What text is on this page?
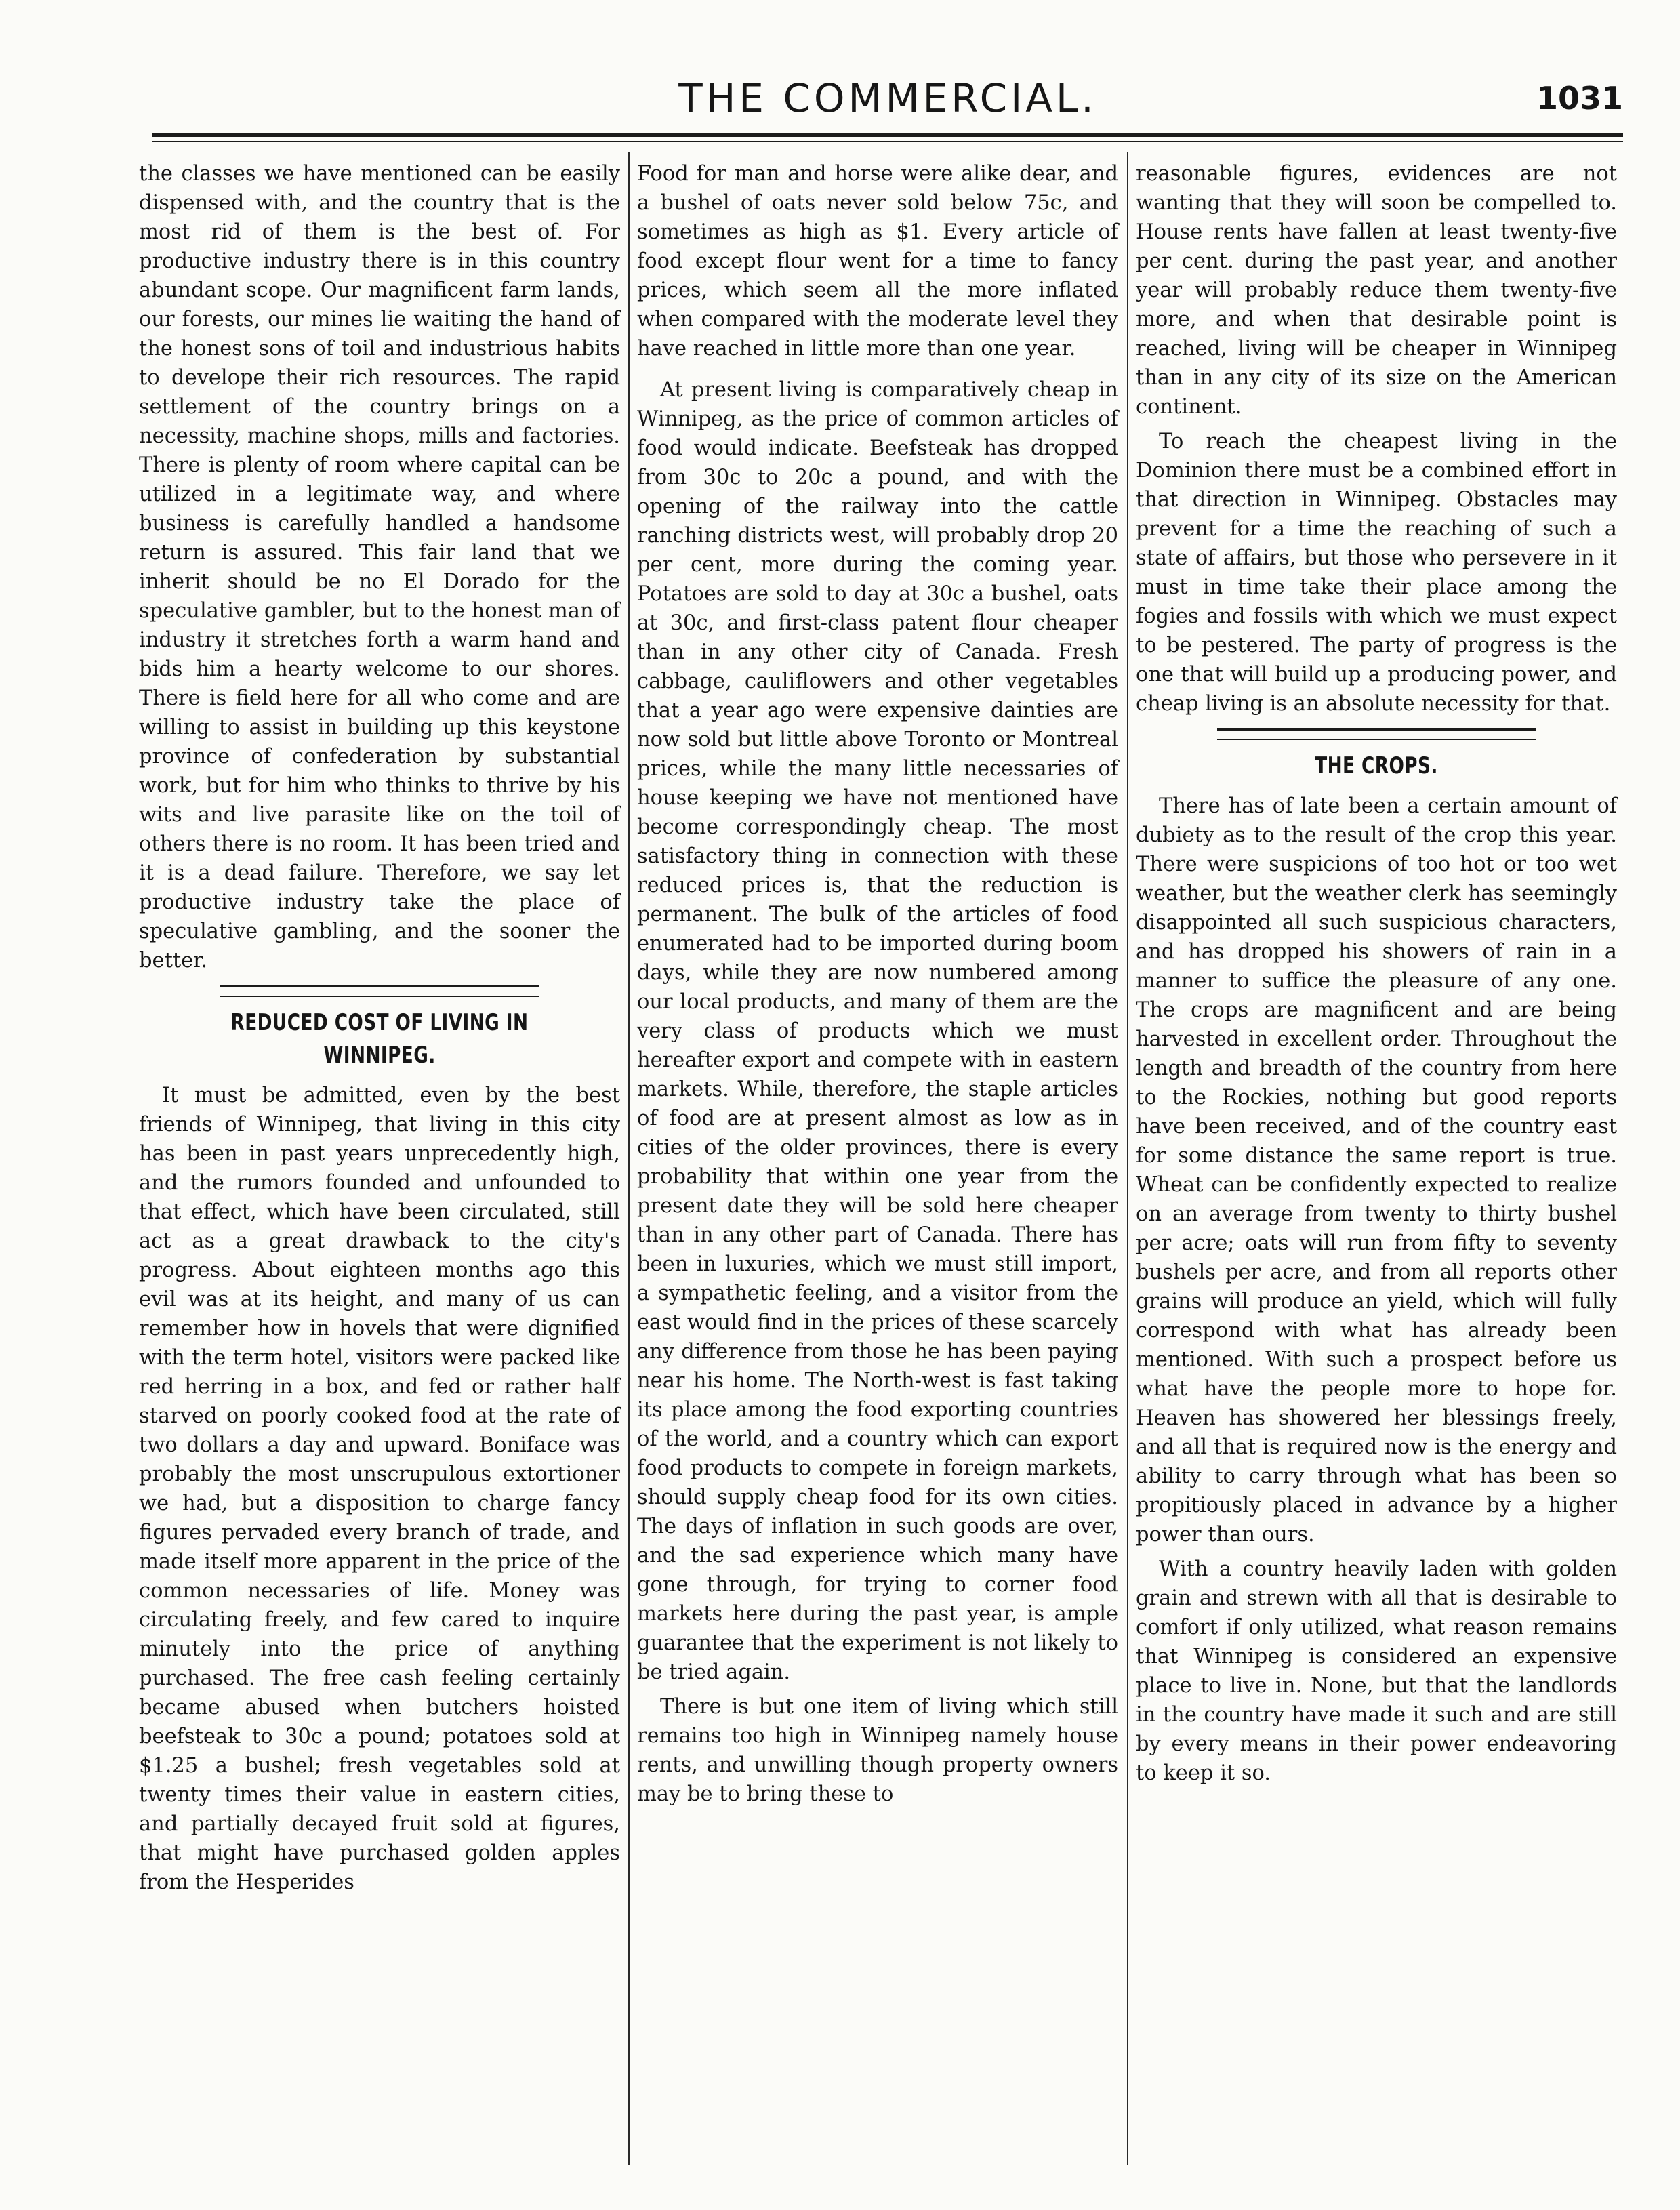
THE COMMERCIAL.	1031

the classes we have mentioned can be easily dispensed with, and the country that is the most rid of them is the best of. For productive industry there is in this country abundant scope. Our magnificent farm lands, our forests, our mines lie waiting the hand of the honest sons of toil and industrious habits to develope their rich resources. The rapid settlement of the country brings on a necessity, machine shops, mills and factories. There is plenty of room where capital can be utilized in a legitimate way, and where business is carefully handled a handsome return is assured. This fair land that we inherit should be no El Dorado for the speculative gambler, but to the honest man of industry it stretches forth a warm hand and bids him a hearty welcome to our shores. There is field here for all who come and are willing to assist in building up this keystone province of confederation by substantial work, but for him who thinks to thrive by his wits and live parasite like on the toil of others there is no room. It has been tried and it is a dead failure. Therefore, we say let productive industry take the place of speculative gambling, and the sooner the better.

REDUCED COST OF LIVING IN WINNIPEG.

It must be admitted, even by the best friends of Winnipeg, that living in this city has been in past years unprecedently high, and the rumors founded and unfounded to that effect, which have been circulated, still act as a great drawback to the city's progress. About eighteen months ago this evil was at its height, and many of us can remember how in hovels that were dignified with the term hotel, visitors were packed like red herring in a box, and fed or rather half starved on poorly cooked food at the rate of two dollars a day and upward. Boniface was probably the most unscrupulous extortioner we had, but a disposition to charge fancy figures pervaded every branch of trade, and made itself more apparent in the price of the common necessaries of life. Money was circulating freely, and few cared to inquire minutely into the price of anything purchased. The free cash feeling certainly became abused when butchers hoisted beefsteak to 30c a pound; potatoes sold at $1.25 a bushel; fresh vegetables sold at twenty times their value in eastern cities, and partially decayed fruit sold at figures, that might have purchased golden apples from the Hesperides

Food for man and horse were alike dear, and a bushel of oats never sold below 75c, and sometimes as high as $1. Every article of food except flour went for a time to fancy prices, which seem all the more inflated when compared with the moderate level they have reached in little more than one year.

At present living is comparatively cheap in Winnipeg, as the price of common articles of food would indicate. Beefsteak has dropped from 30c to 20c a pound, and with the opening of the railway into the cattle ranching districts west, will probably drop 20 per cent, more during the coming year. Potatoes are sold to day at 30c a bushel, oats at 30c, and first-class patent flour cheaper than in any other city of Canada. Fresh cabbage, cauliflowers and other vegetables that a year ago were expensive dainties are now sold but little above Toronto or Montreal prices, while the many little necessaries of house keeping we have not mentioned have become correspondingly cheap. The most satisfactory thing in connection with these reduced prices is, that the reduction is permanent. The bulk of the articles of food enumerated had to be imported during boom days, while they are now numbered among our local products, and many of them are the very class of products which we must hereafter export and compete with in eastern markets. While, therefore, the staple articles of food are at present almost as low as in cities of the older provinces, there is every probability that within one year from the present date they will be sold here cheaper than in any other part of Canada. There has been in luxuries, which we must still import, a sympathetic feeling, and a visitor from the east would find in the prices of these scarcely any difference from those he has been paying near his home. The North-west is fast taking its place among the food exporting countries of the world, and a country which can export food products to compete in foreign markets, should supply cheap food for its own cities. The days of inflation in such goods are over, and the sad experience which many have gone through, for trying to corner food markets here during the past year, is ample guarantee that the experiment is not likely to be tried again.

There is but one item of living which still remains too high in Winnipeg namely house rents, and unwilling though property owners may be to bring these to

reasonable figures, evidences are not wanting that they will soon be compelled to. House rents have fallen at least twenty-five per cent. during the past year, and another year will probably reduce them twenty-five more, and when that desirable point is reached, living will be cheaper in Winnipeg than in any city of its size on the American continent.

To reach the cheapest living in the Dominion there must be a combined effort in that direction in Winnipeg. Obstacles may prevent for a time the reaching of such a state of affairs, but those who persevere in it must in time take their place among the fogies and fossils with which we must expect to be pestered. The party of progress is the one that will build up a producing power, and cheap living is an absolute necessity for that.

THE CROPS.

There has of late been a certain amount of dubiety as to the result of the crop this year. There were suspicions of too hot or too wet weather, but the weather clerk has seemingly disappointed all such suspicious characters, and has dropped his showers of rain in a manner to suffice the pleasure of any one. The crops are magnificent and are being harvested in excellent order. Throughout the length and breadth of the country from here to the Rockies, nothing but good reports have been received, and of the country east for some distance the same report is true. Wheat can be confidently expected to realize on an average from twenty to thirty bushel per acre; oats will run from fifty to seventy bushels per acre, and from all reports other grains will produce an yield, which will fully correspond with what has already been mentioned. With such a prospect before us what have the people more to hope for. Heaven has showered her blessings freely, and all that is required now is the energy and ability to carry through what has been so propitiously placed in advance by a higher power than ours.

With a country heavily laden with golden grain and strewn with all that is desirable to comfort if only utilized, what reason remains that Winnipeg is considered an expensive place to live in. None, but that the landlords in the country have made it such and are still by every means in their power endeavoring to keep it so.
